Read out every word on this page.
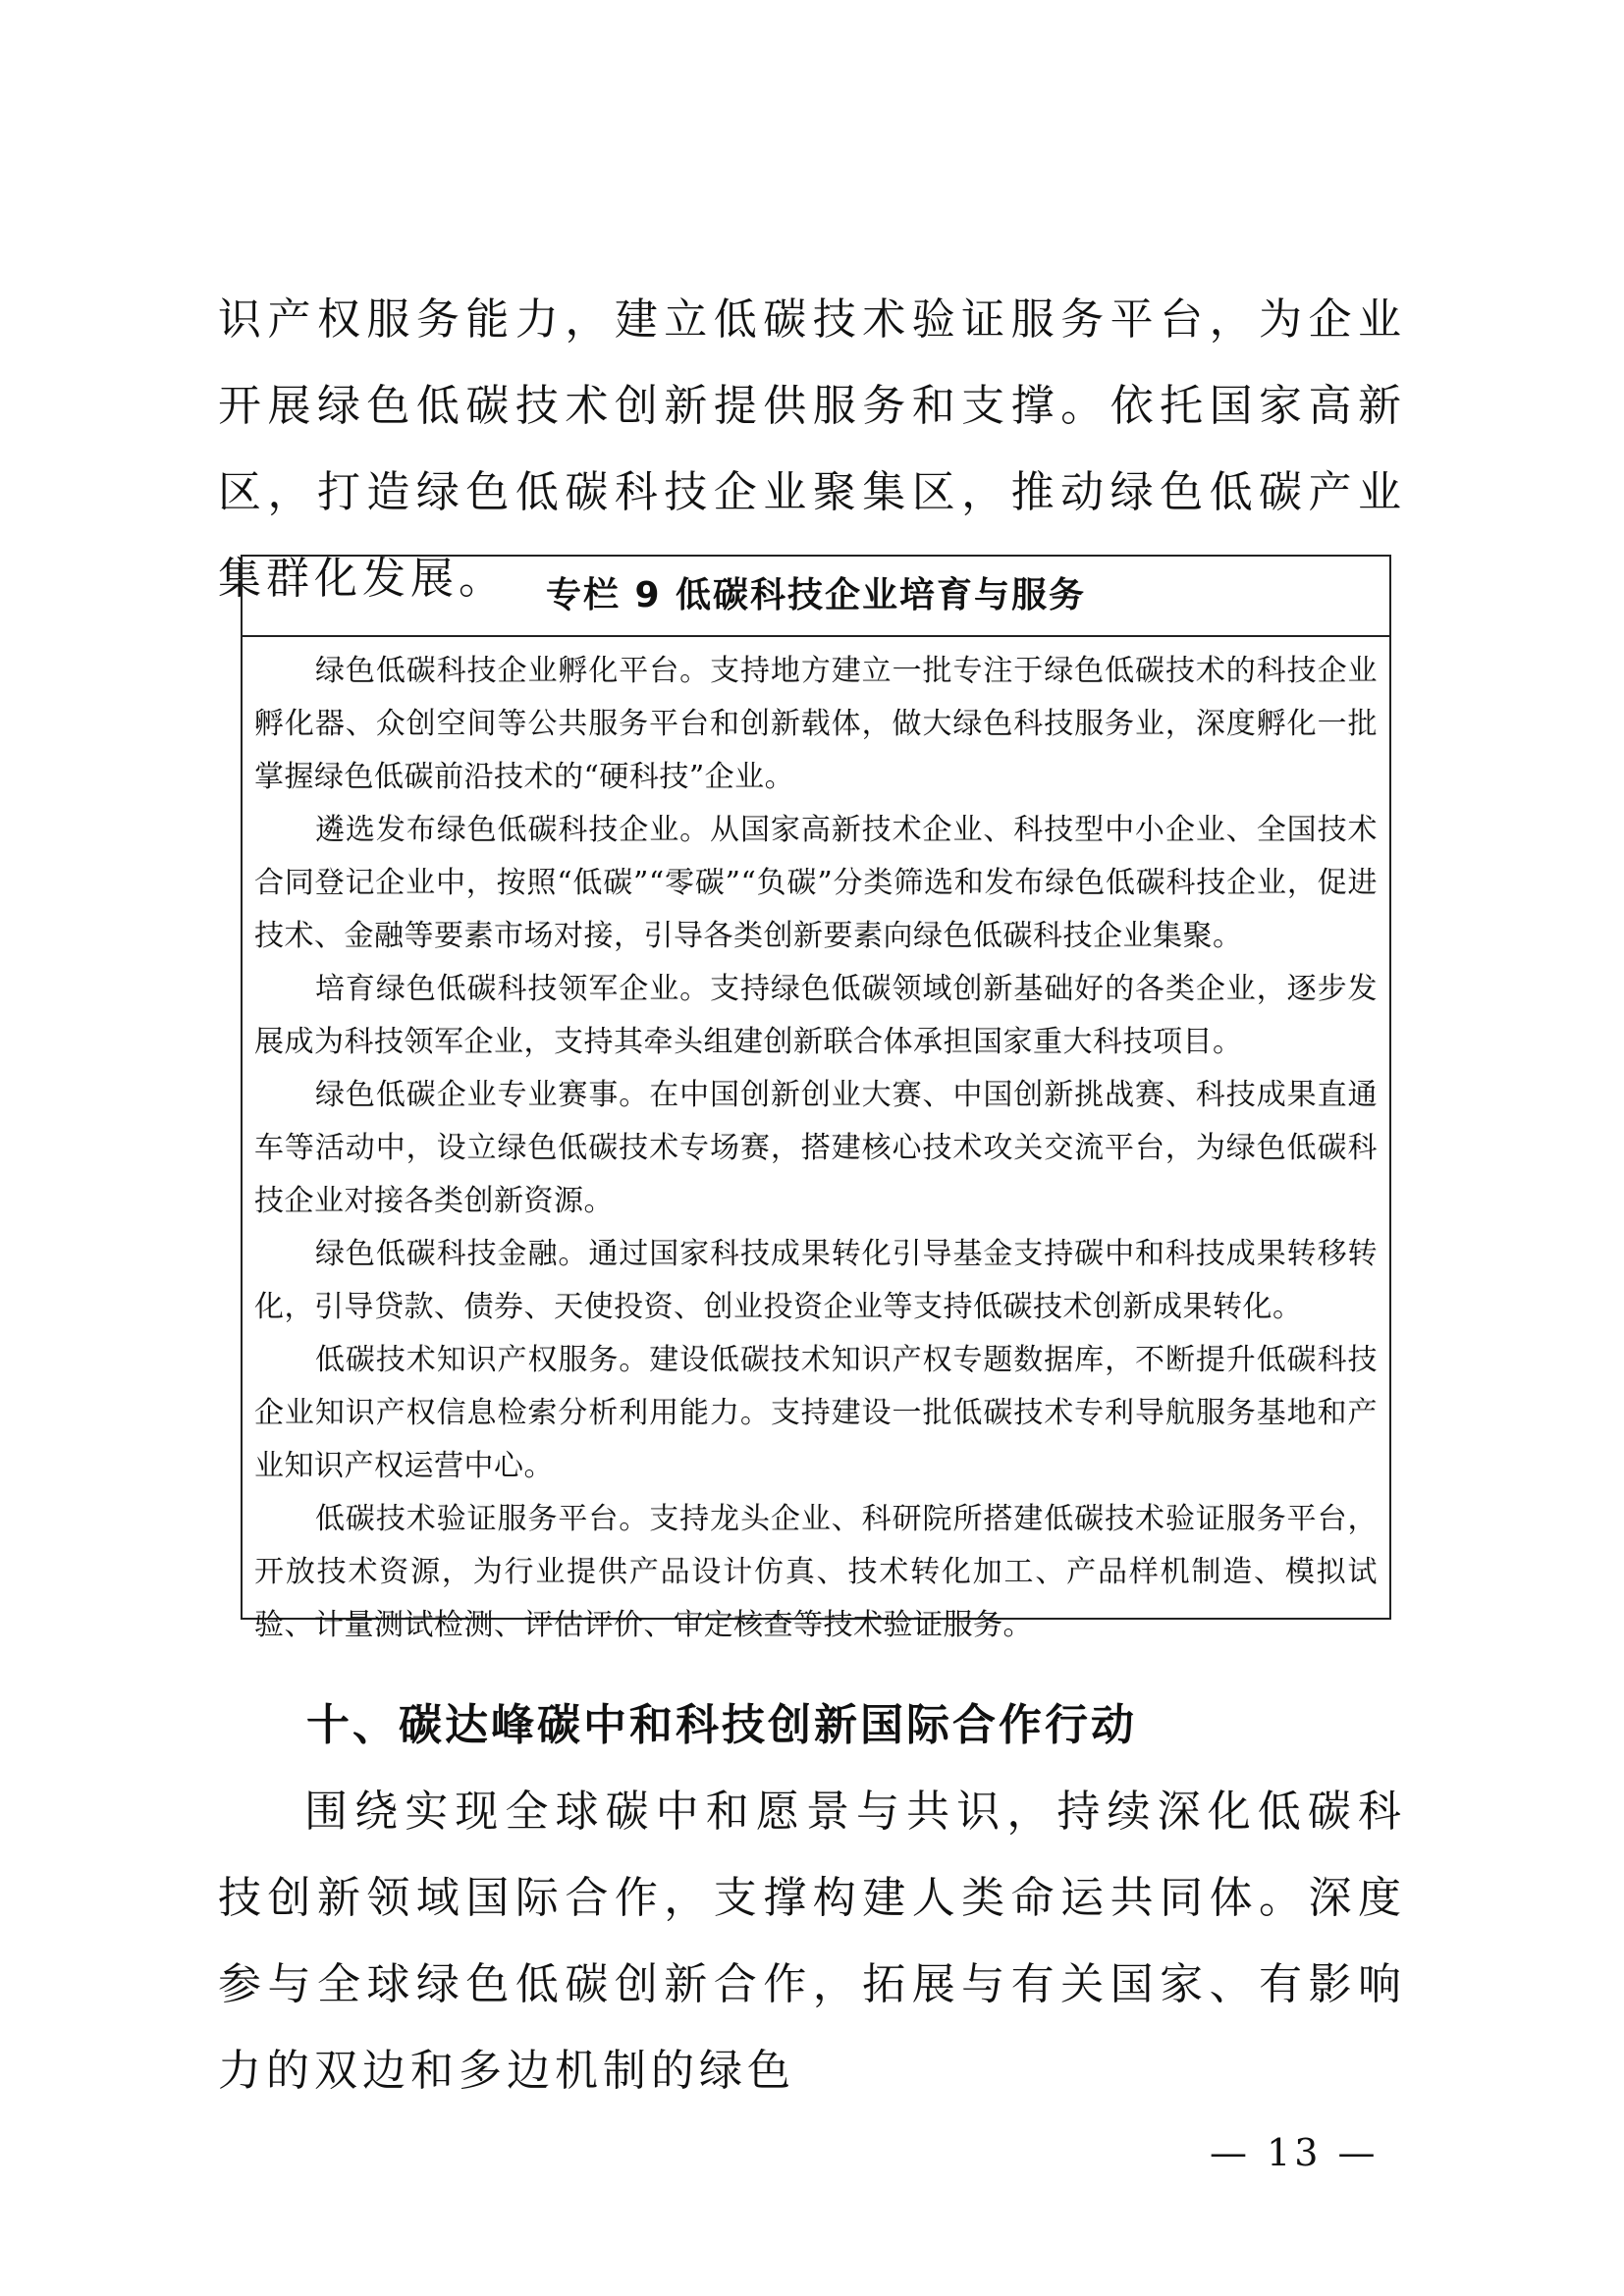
识产权服务能力，建立低碳技术验证服务平台，为企业开展绿色低碳技术创新提供服务和支撑。依托国家高新区，打造绿色低碳科技企业聚集区，推动绿色低碳产业集群化发展。	专栏 9 低碳科技企业培育与服务

绿色低碳科技企业孵化平台。支持地方建立一批专注于绿色低碳技术的科技企业孵化器、众创空间等公共服务平台和创新载体，做大绿色科技服务业，深度孵化一批掌握绿色低碳前沿技术的“硬科技”企业。

遴选发布绿色低碳科技企业。从国家高新技术企业、科技型中小企业、全国技术合同登记企业中，按照“低碳”“零碳”“负碳”分类筛选和发布绿色低碳科技企业，促进技术、金融等要素市场对接，引导各类创新要素向绿色低碳科技企业集聚。

培育绿色低碳科技领军企业。支持绿色低碳领域创新基础好的各类企业，逐步发展成为科技领军企业，支持其牵头组建创新联合体承担国家重大科技项目。

绿色低碳企业专业赛事。在中国创新创业大赛、中国创新挑战赛、科技成果直通车等活动中，设立绿色低碳技术专场赛，搭建核心技术攻关交流平台，为绿色低碳科技企业对接各类创新资源。

绿色低碳科技金融。通过国家科技成果转化引导基金支持碳中和科技成果转移转化，引导贷款、债券、天使投资、创业投资企业等支持低碳技术创新成果转化。

低碳技术知识产权服务。建设低碳技术知识产权专题数据库，不断提升低碳科技企业知识产权信息检索分析利用能力。支持建设一批低碳技术专利导航服务基地和产业知识产权运营中心。

低碳技术验证服务平台。支持龙头企业、科研院所搭建低碳技术验证服务平台，开放技术资源，为行业提供产品设计仿真、技术转化加工、产品样机制造、模拟试验、计量测试检测、评估评价、审定核查等技术验证服务。

十、碳达峰碳中和科技创新国际合作行动

围绕实现全球碳中和愿景与共识，持续深化低碳科技创新领域国际合作，支撑构建人类命运共同体。深度参与全球绿色低碳创新合作，拓展与有关国家、有影响力的双边和多边机制的绿色

— 13 —
